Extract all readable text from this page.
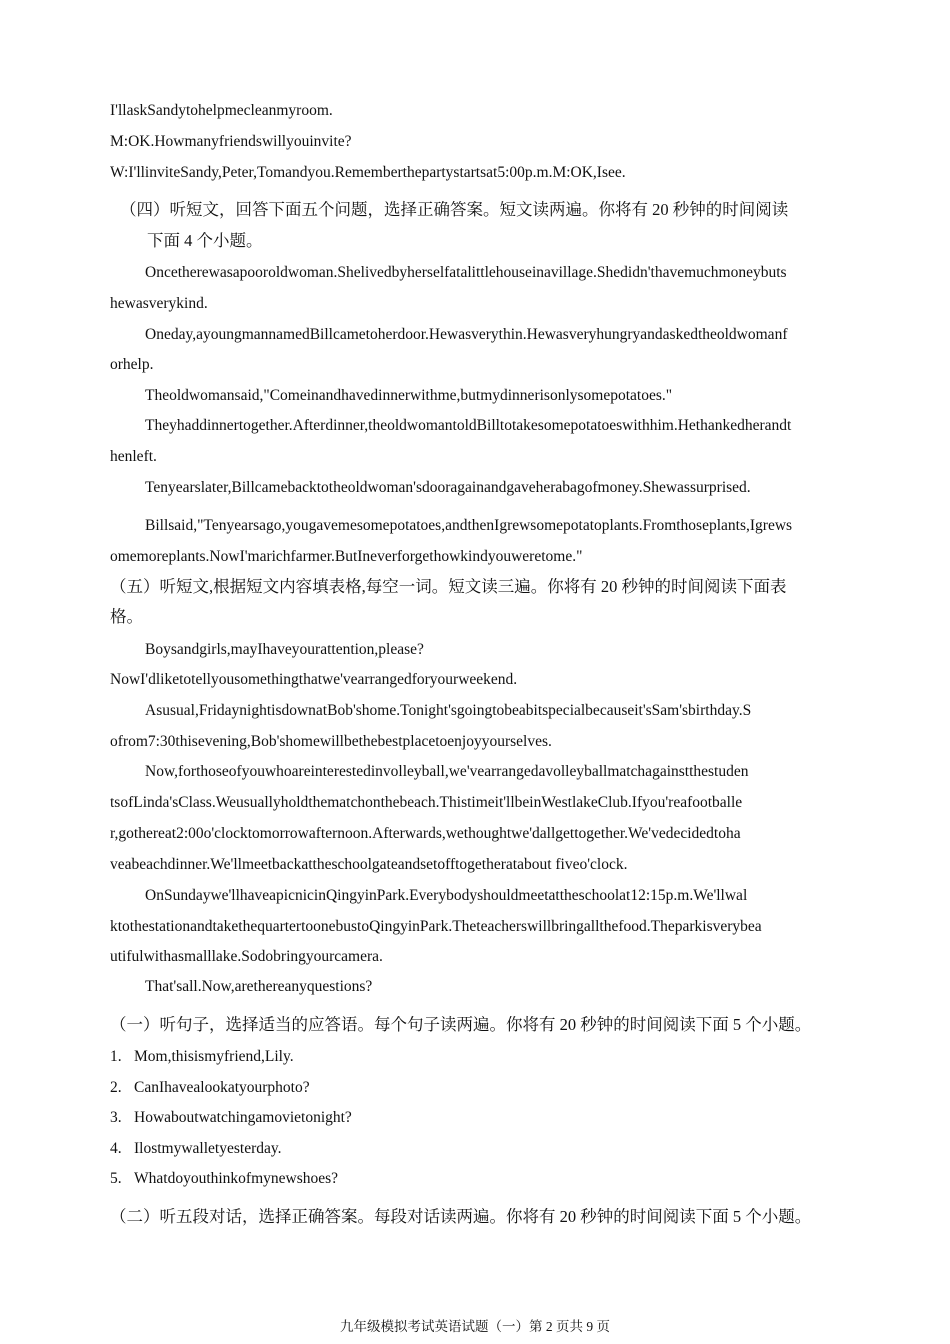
I'llaskSandytohelpmecleanmyroom.
M:OK.Howmanyfriendswillyouinvite?
W:I'llinviteSandy,Peter,Tomandyou.Rememberthepartystartsat5:00p.m.M:OK,Isee.
（四）听短文，回答下面五个问题，选择正确答案。短文读两遍。你将有 20 秒钟的时间阅读
下面 4 个小题。
Oncetherewasapooroldwoman.Shelivedbyherselfatalittlehouseinavillage.Shedidn'thavemuchmoneybuts
hewasverykind.
Oneday,ayoungmannamedBillcametoherdoor.Hewasverythin.Hewasveryhungryandaskedtheoldwomanf
orhelp.
Theoldwomansaid,"Comeinandhavedinnerwithme,butmydinnerisonlysomepotatoes."
Theyhaddinnertogether.Afterdinner,theoldwomantoldBilltotakesomepotatoeswithhim.Hethankedherandt
henleft.
Tenyearslater,Billcamebacktotheoldwoman'sdooragainandgaveherabagofmoney.Shewassurprised.
Billsaid,"Tenyearsago,yougavemesomepotatoes,andthenIgrewsomepotatoplants.Fromthoseplants,Igrews
omemoreplants.NowI'marichfarmer.ButIneverforgethowkindyouweretome."
（五）听短文,根据短文内容填表格,每空一词。短文读三遍。你将有 20 秒钟的时间阅读下面表
格。
Boysandgirls,mayIhaveyourattention,please?
NowI'dliketotellyousomethingthatwe'vearrangedforyourweekend.
Asusual,FridaynightisdownatBob'shome.Tonight'sgoingtobeabitspecialbecauseit'sSam'sbirthday.S
ofrom7:30thisevening,Bob'shomewillbethebestplacetoenjoyyourselves.
Now,forthoseofyouwhoareinterestedinvolleyball,we'vearrangedavolleyballmatchagainstthestuden
tsofLinda'sClass.Weusuallyholdthematchonthebeach.Thistimeit'llbeinWestlakeClub.Ifyou'reafootballe
r,gothereat2:00o'clocktomorrowafternoon.Afterwards,wethoughtwe'dallgettogether.We'vedecidedtoha
veabeachdinner.We'llmeetbackattheschoolgateandsetofftogetheratabout fiveo'clock.
OnSundaywe'llhaveapicnicinQingyinPark.Everybodyshouldmeetattheschoolat12:15p.m.We'llwal
ktothestationandtakethequartertoonebustoQingyinPark.Theteacherswillbringallthefood.Theparkisverybea
utifulwithasmalllake.Sodobringyourcamera.
That'sall.Now,arethereanyquestions?
（一）听句子，选择适当的应答语。每个句子读两遍。你将有 20 秒钟的时间阅读下面 5 个小题。
1. Mom,thisismyfriend,Lily.
2. CanIhavealookatyourphoto?
3. Howaboutwatchingamovietonight?
4. Ilostmywalletyesterday.
5. Whatdoyouthinkofmynewshoes?
（二）听五段对话，选择正确答案。每段对话读两遍。你将有 20 秒钟的时间阅读下面 5 个小题。
九年级模拟考试英语试题（一）第 2 页共 9 页
